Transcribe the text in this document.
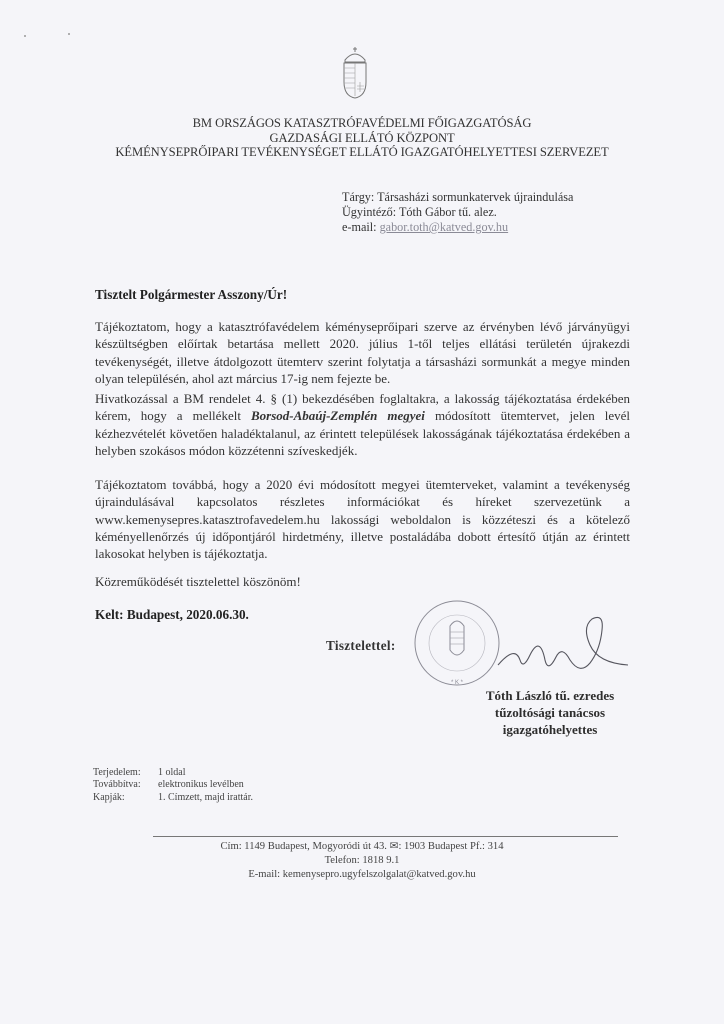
BM ORSZÁGOS KATASZTRÓFAVÉDELMI FŐIGAZGATÓSÁG
GAZDASÁGI ELLÁTÓ KÖZPONT
KÉMÉNYSEPRŐIPARI TEVÉKENYSÉGET ELLÁTÓ IGAZGATÓHELYETTESI SZERVEZET
Tárgy: Társasházi sormunkatervek újraindulása
Ügyintéző: Tóth Gábor tű. alez.
e-mail: gabor.toth@katved.gov.hu
Tisztelt Polgármester Asszony/Úr!
Tájékoztatom, hogy a katasztrófavédelem kéményseprőipari szerve az érvényben lévő járványügyi készültségben előírtak betartása mellett 2020. július 1-től teljes ellátási területén újrakezdi tevékenységét, illetve átdolgozott ütemterv szerint folytatja a társasházi sormunkát a megye minden olyan településén, ahol azt március 17-ig nem fejezte be.
Hivatkozással a BM rendelet 4. § (1) bekezdésében foglaltakra, a lakosság tájékoztatása érdekében kérem, hogy a mellékelt Borsod-Abaúj-Zemplén megyei módosított ütemtervet, jelen levél kézhezvételét követően haladéktalanul, az érintett települések lakosságának tájékoztatása érdekében a helyben szokásos módon közzétenni szíveskedjék.
Tájékoztatom továbbá, hogy a 2020 évi módosított megyei ütemterveket, valamint a tevékenység újraindulásával kapcsolatos részletes információkat és híreket szervezetünk a www.kemenysepres.katasztrofavedelem.hu lakossági weboldalon is közzéteszi és a kötelező kéményellenőrzés új időpontjáról hirdetmény, illetve postaládába dobott értesítő útján az érintett lakosokat helyben is tájékoztatja.
Közreműködését tisztelettel köszönöm!
Kelt: Budapest, 2020.06.30.
Tisztelettel:
* K *
Tóth László tű. ezredes
tűzoltósági tanácsos
igazgatóhelyettes
Terjedelem:	1 oldal
Továbbítva:	elektronikus levélben
Kapják:	1. Címzett, majd irattár.
Cím: 1149 Budapest, Mogyoródi út 43. ✉: 1903 Budapest Pf.: 314
Telefon: 1818 9.1
E-mail: kemenysepro.ugyfelszolgalat@katved.gov.hu
